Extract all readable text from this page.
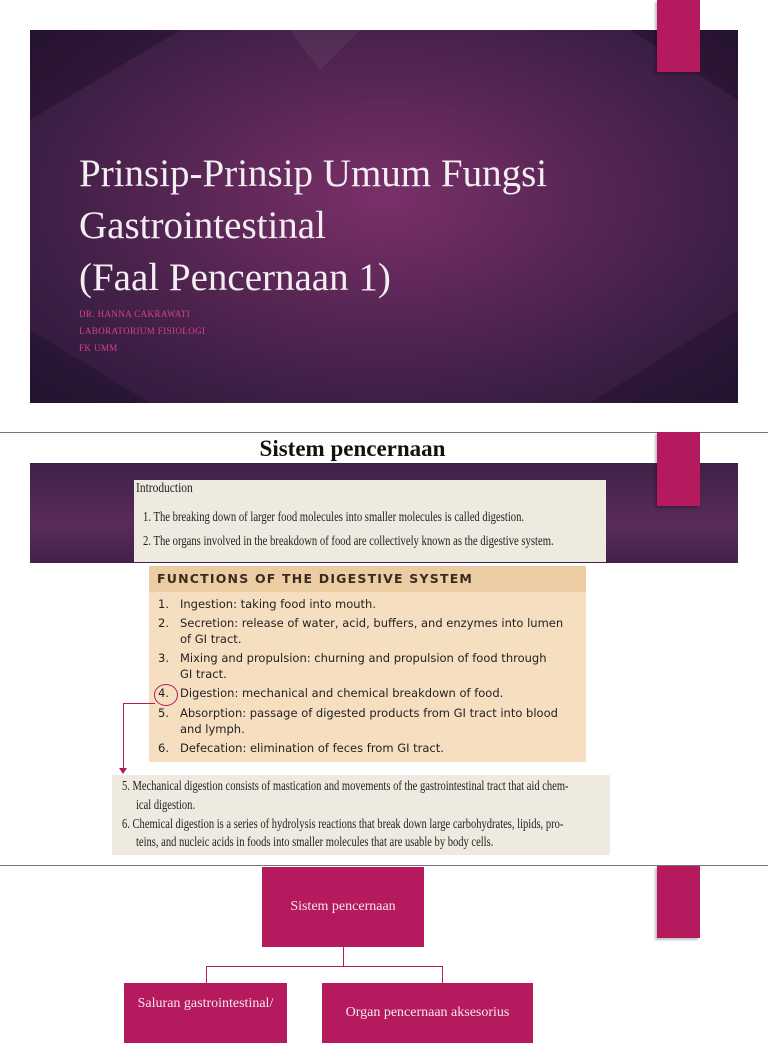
Prinsip-Prinsip Umum Fungsi
Gastrointestinal
(Faal Pencernaan 1)
DR. HANNA CAKRAWATI
LABORATORIUM FISIOLOGI
FK UMM
Sistem pencernaan
Introduction
1. The breaking down of larger food molecules into smaller molecules is called digestion.
2. The organs involved in the breakdown of food are collectively known as the digestive system.
FUNCTIONS OF THE DIGESTIVE SYSTEM
1. Ingestion: taking food into mouth.
2. Secretion: release of water, acid, buffers, and enzymes into lumen
of GI tract.
3. Mixing and propulsion: churning and propulsion of food through
GI tract.
4. Digestion: mechanical and chemical breakdown of food.
5. Absorption: passage of digested products from GI tract into blood
and lymph.
6. Defecation: elimination of feces from GI tract.
5. Mechanical digestion consists of mastication and movements of the gastrointestinal tract that aid chem-
ical digestion.
6. Chemical digestion is a series of hydrolysis reactions that break down large carbohydrates, lipids, pro-
teins, and nucleic acids in foods into smaller molecules that are usable by body cells.
Sistem pencernaan
Saluran gastrointestinal/
Organ pencernaan aksesorius
